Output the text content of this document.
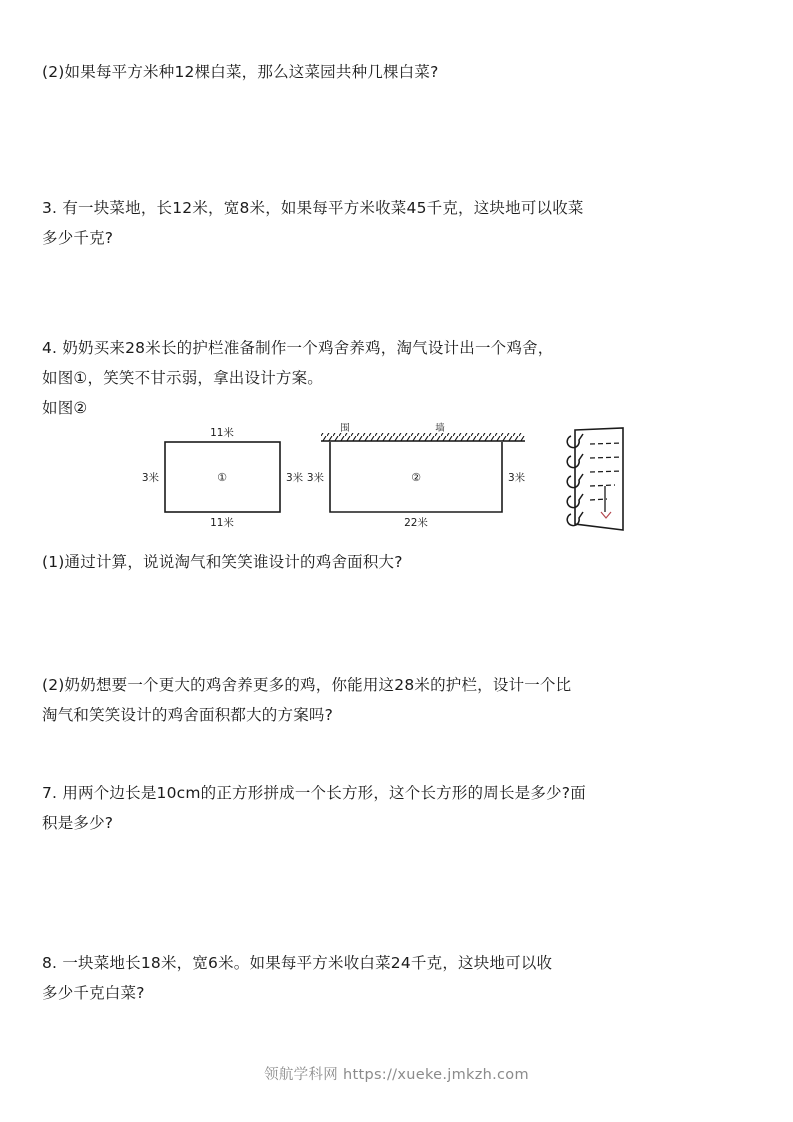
(2)如果每平方米种12棵白菜，那么这菜园共种几棵白菜?
3. 有一块菜地，长12米，宽8米，如果每平方米收菜45千克，这块地可以收菜
多少千克?
4. 奶奶买来28米长的护栏准备制作一个鸡舍养鸡，淘气设计出一个鸡舍，
如图①，笑笑不甘示弱，拿出设计方案。
如图②
11米
11米
3米	3米
①
围	墙
22米
3米	3米
②
(1)通过计算，说说淘气和笑笑谁设计的鸡舍面积大?
(2)奶奶想要一个更大的鸡舍养更多的鸡，你能用这28米的护栏，设计一个比
淘气和笑笑设计的鸡舍面积都大的方案吗?
7. 用两个边长是10cm的正方形拼成一个长方形，这个长方形的周长是多少?面
积是多少?
8. 一块菜地长18米，宽6米。如果每平方米收白菜24千克，这块地可以收
多少千克白菜?
领航学科网 https://xueke.jmkzh.com
